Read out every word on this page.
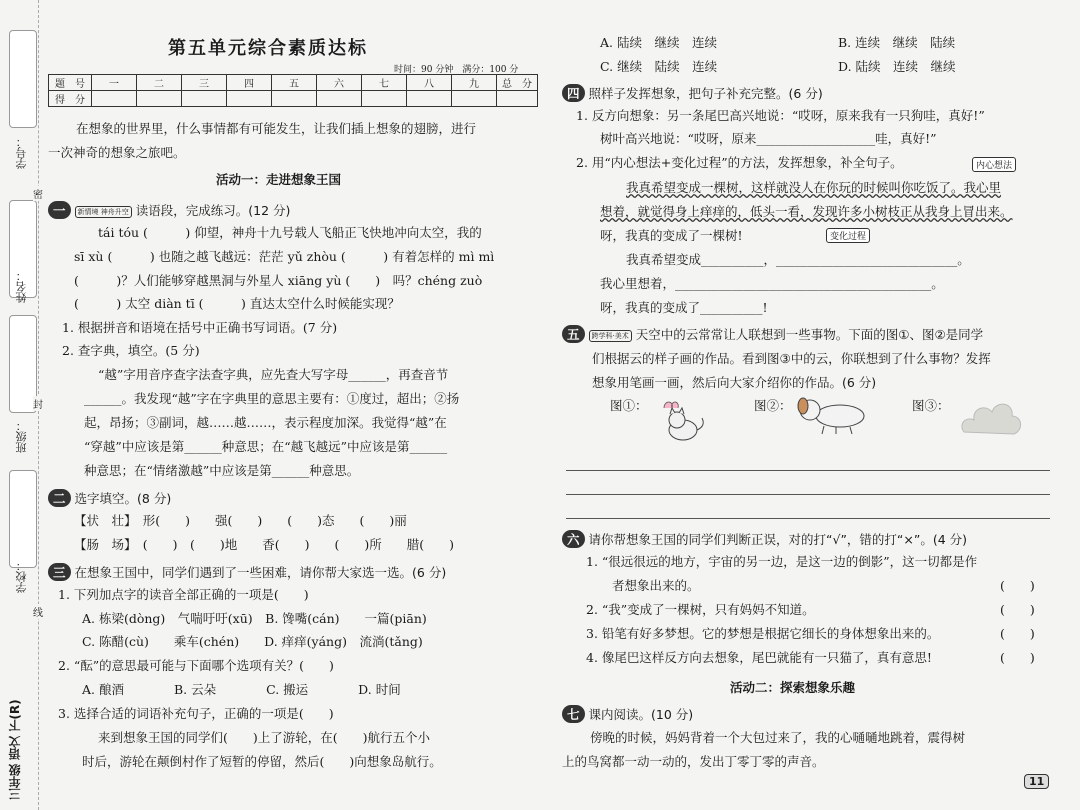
学号：
姓名：
班级：
学校：
密
封
线
三年级 语文 下(R)
第五单元综合素质达标
时间：90 分钟　满分：100 分
题　号	一	二	三	四	五	六	七	八	九	总　分
得　分										
在想象的世界里，什么事情都有可能发生，让我们插上想象的翅膀，进行
一次神奇的想象之旅吧。
活动一：走进想象王国
一 新情境 神舟升空 读语段，完成练习。(12 分)
tái tóu (　　　) 仰望，神舟十九号载人飞船正飞快地冲向太空，我的
sī xù (　　　) 也随之越飞越远：茫茫 yǔ zhòu (　　　) 有着怎样的 mì mì
(　　　)？人们能够穿越黑洞与外星人 xiāng yù (　　)　吗？chéng zuò
(　　　) 太空 diàn tī (　　　) 直达太空什么时候能实现？
1. 根据拼音和语境在括号中正确书写词语。(7 分)
2. 查字典，填空。(5 分)
“越”字用音序查字法查字典，应先查大写字母______，再查音节
______。我发现“越”字在字典里的意思主要有：①度过，超出；②扬
起，昂扬；③副词，越……越……，表示程度加深。我觉得“越”在
“穿越”中应该是第______种意思；在“越飞越远”中应该是第______
种意思；在“情绪激越”中应该是第______种意思。
二 选字填空。(8 分)
【状　壮】　形(　　)　　强(　　)　　(　　)态　　(　　)丽
【肠　场】　(　　)　(　　)地　　香(　　)　　(　　)所　　腊(　　)
三 在想象王国中，同学们遇到了一些困难，请你帮大家选一选。(6 分)
1. 下列加点字的读音全部正确的一项是(　　)
A. 栋梁(dòng)　气喘吁吁(xū)　B. 馋嘴(cán)　　一篇(piān)
C. 陈醋(cù)　　乘车(chén)　　D. 痒痒(yáng)　流淌(tǎng)
2. “酝”的意思最可能与下面哪个选项有关？(　　)
A. 酿酒　　　　B. 云朵　　　　C. 搬运　　　　D. 时间
3. 选择合适的词语补充句子，正确的一项是(　　)
来到想象王国的同学们(　　)上了游轮，在(　　)航行五个小
时后，游轮在颠倒村作了短暂的停留，然后(　　)向想象岛航行。
A. 陆续　继续　连续	B. 连续　继续　陆续
C. 继续　陆续　连续	D. 陆续　连续　继续
四 照样子发挥想象，把句子补充完整。(6 分)
1. 反方向想象：另一条尾巴高兴地说：“哎呀，原来我有一只狗哇，真好!”
树叶高兴地说：“哎呀，原来___________________哇，真好!”
2. 用“内心想法+变化过程”的方法，发挥想象，补全句子。	内心想法
我真希望变成一棵树，这样就没人在你玩的时候叫你吃饭了。我心里
想着，就觉得身上痒痒的，低头一看，发现许多小树枝正从我身上冒出来。
呀，我真的变成了一棵树!	变化过程
我真希望变成__________，_____________________________。
我心里想着，_________________________________________。
呀，我真的变成了__________!
五 跨学科·美术 天空中的云常常让人联想到一些事物。下面的图①、图②是同学
们根据云的样子画的作品。看到图③中的云，你联想到了什么事物？发挥
想象用笔画一画，然后向大家介绍你的作品。(6 分)
图①：	图②：	图③：
六 请你帮想象王国的同学们判断正误，对的打“√”，错的打“×”。(4 分)
1. “很远很远的地方，宇宙的另一边，是这一边的倒影”，这一切都是作
者想象出来的。	(　　)
2. “我”变成了一棵树，只有妈妈不知道。	(　　)
3. 铅笔有好多梦想。它的梦想是根据它细长的身体想象出来的。	(　　)
4. 像尾巴这样反方向去想象，尾巴就能有一只猫了，真有意思!	(　　)
活动二：探索想象乐趣
七 课内阅读。(10 分)
傍晚的时候，妈妈背着一个大包过来了，我的心嗵嗵地跳着，震得树
上的鸟窝都一动一动的，发出丁零丁零的声音。
11
